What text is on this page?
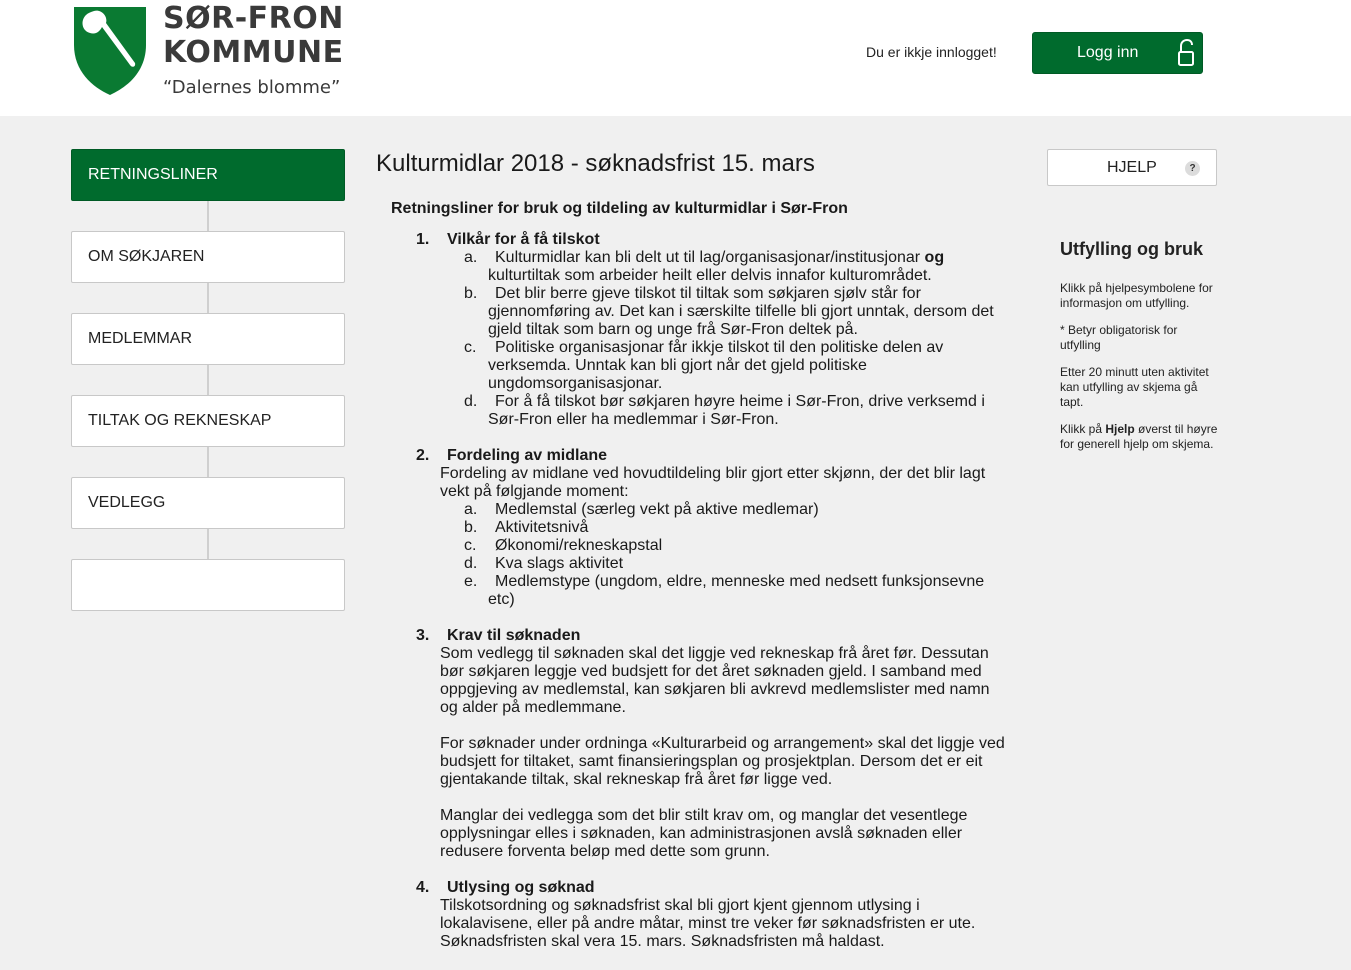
SØR-FRON
KOMMUNE
“Dalernes blomme”
Du er ikkje innlogget!	Logg inn
RETNINGSLINER
OM SØKJAREN
MEDLEMMAR
TILTAK OG REKNESKAP
VEDLEGG
Kulturmidlar 2018 - søknadsfrist 15. mars
Retningsliner for bruk og tildeling av kulturmidlar i Sør-Fron
1. Vilkår for å få tilskot
a. Kulturmidlar kan bli delt ut til lag/organisasjonar/institusjonar og kulturtiltak som arbeider heilt eller delvis innafor kulturområdet.
b. Det blir berre gjeve tilskot til tiltak som søkjaren sjølv står for gjennomføring av. Det kan i særskilte tilfelle bli gjort unntak, dersom det gjeld tiltak som barn og unge frå Sør-Fron deltek på.
c. Politiske organisasjonar får ikkje tilskot til den politiske delen av verksemda. Unntak kan bli gjort når det gjeld politiske ungdomsorganisasjonar.
d. For å få tilskot bør søkjaren høyre heime i Sør-Fron, drive verksemd i Sør-Fron eller ha medlemmar i Sør-Fron.
2. Fordeling av midlane
Fordeling av midlane ved hovudtildeling blir gjort etter skjønn, der det blir lagt vekt på følgjande moment:
a. Medlemstal (særleg vekt på aktive medlemar)
b. Aktivitetsnivå
c. Økonomi/rekneskapstal
d. Kva slags aktivitet
e. Medlemstype (ungdom, eldre, menneske med nedsett funksjonsevne etc)
3. Krav til søknaden

Som vedlegg til søknaden skal det liggje ved rekneskap frå året før. Dessutan bør søkjaren leggje ved budsjett for det året søknaden gjeld. I samband med oppgjeving av medlemstal, kan søkjaren bli avkrevd medlemslister med namn og alder på medlemmane.

For søknader under ordninga «Kulturarbeid og arrangement» skal det liggje ved budsjett for tiltaket, samt finansieringsplan og prosjektplan. Dersom det er eit gjentakande tiltak, skal rekneskap frå året før ligge ved.

Manglar dei vedlegga som det blir stilt krav om, og manglar det vesentlege opplysningar elles i søknaden, kan administrasjonen avslå søknaden eller redusere forventa beløp med dette som grunn.

4. Utlysing og søknad

Tilskotsordning og søknadsfrist skal bli gjort kjent gjennom utlysing i lokalavisene, eller på andre måtar, minst tre veker før søknadsfristen er ute. Søknadsfristen skal vera 15. mars. Søknadsfristen må haldast.

HJELP	?
Utfylling og bruk

Klikk på hjelpesymbolene for informasjon om utfylling.

* Betyr obligatorisk for utfylling

Etter 20 minutt uten aktivitet kan utfylling av skjema gå tapt.

Klikk på Hjelp øverst til høyre for generell hjelp om skjema.
